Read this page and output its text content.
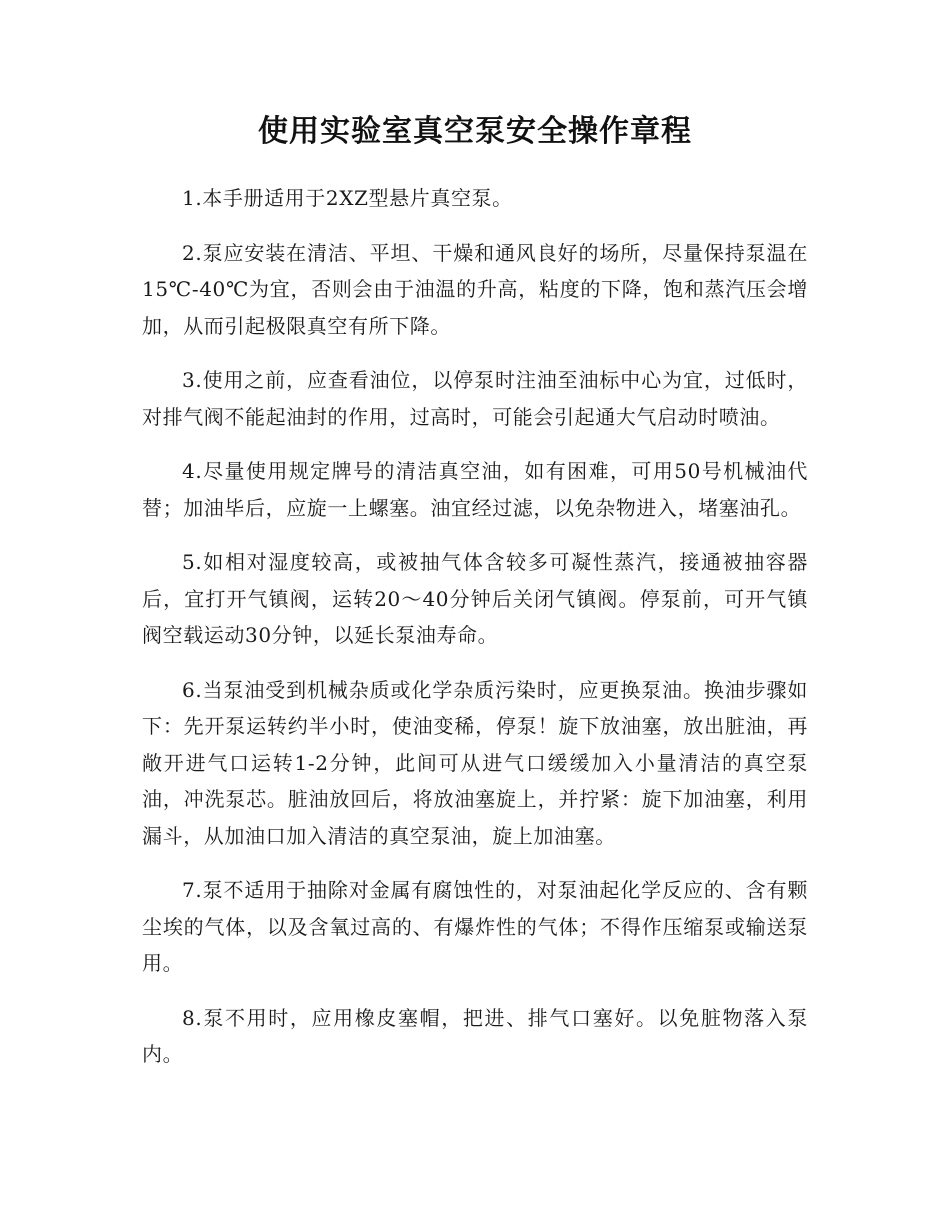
使用实验室真空泵安全操作章程

1.本手册适用于2XZ型悬片真空泵。

2.泵应安装在清洁、平坦、干燥和通风良好的场所，尽量保持泵温在15℃-40℃为宜，否则会由于油温的升高，粘度的下降，饱和蒸汽压会增加，从而引起极限真空有所下降。

3.使用之前，应查看油位，以停泵时注油至油标中心为宜，过低时，对排气阀不能起油封的作用，过高时，可能会引起通大气启动时喷油。

4.尽量使用规定牌号的清洁真空油，如有困难，可用50号机械油代替；加油毕后，应旋一上螺塞。油宜经过滤，以免杂物进入，堵塞油孔。

5.如相对湿度较高，或被抽气体含较多可凝性蒸汽，接通被抽容器后，宜打开气镇阀，运转20～40分钟后关闭气镇阀。停泵前，可开气镇阀空载运动30分钟，以延长泵油寿命。

6.当泵油受到机械杂质或化学杂质污染时，应更换泵油。换油步骤如下：先开泵运转约半小时，使油变稀，停泵！旋下放油塞，放出脏油，再敞开进气口运转1-2分钟，此间可从进气口缓缓加入小量清洁的真空泵油，冲洗泵芯。脏油放回后，将放油塞旋上，并拧紧：旋下加油塞，利用漏斗，从加油口加入清洁的真空泵油，旋上加油塞。

7.泵不适用于抽除对金属有腐蚀性的，对泵油起化学反应的、含有颗尘埃的气体，以及含氧过高的、有爆炸性的气体；不得作压缩泵或输送泵用。

8.泵不用时，应用橡皮塞帽，把进、排气口塞好。以免脏物落入泵内。
